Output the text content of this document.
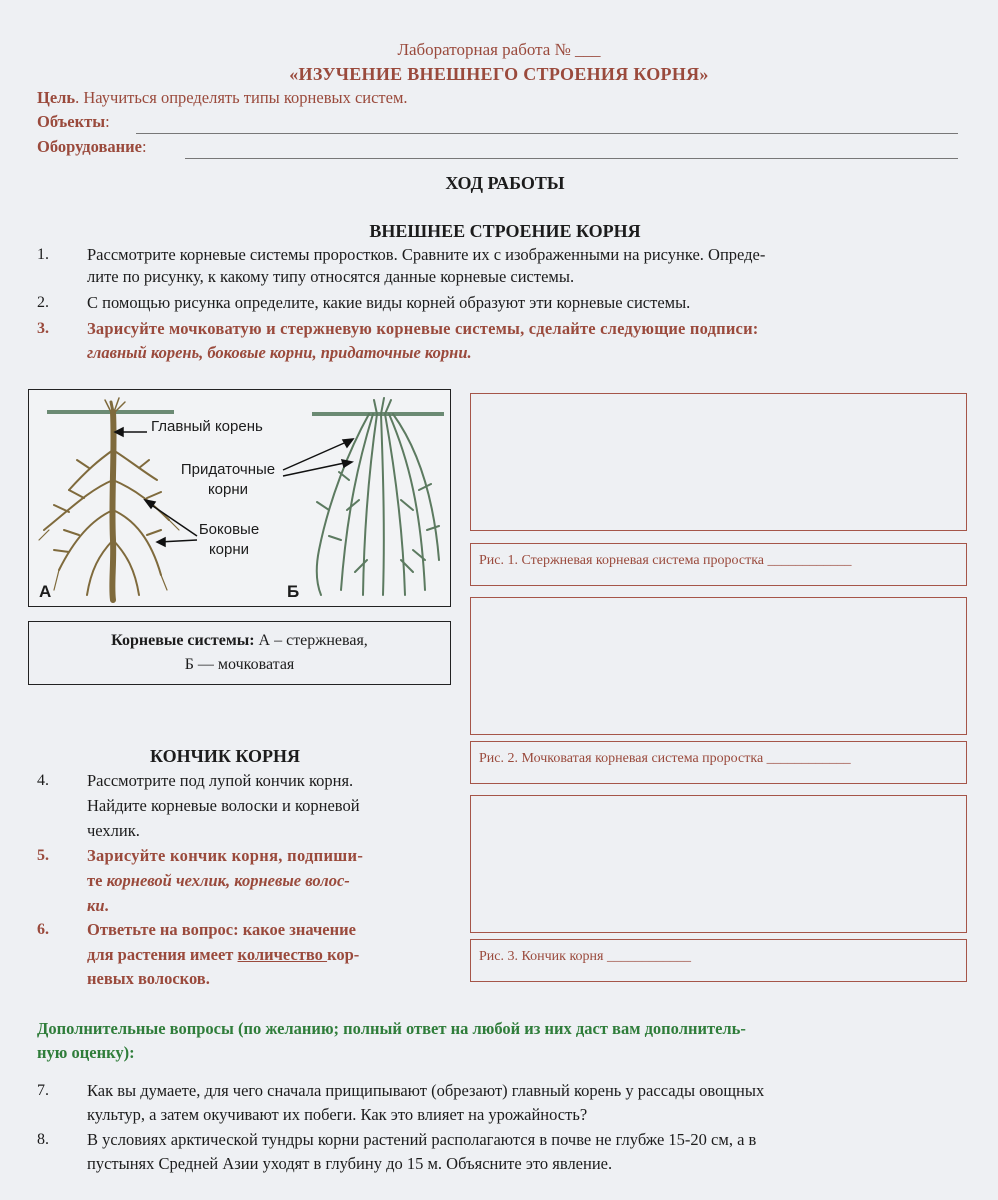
Лабораторная работа № ___
«ИЗУЧЕНИЕ ВНЕШНЕГО СТРОЕНИЯ КОРНЯ»
Цель. Научиться определять типы корневых систем.
Объекты:
Оборудование:
ХОД РАБОТЫ
ВНЕШНЕЕ СТРОЕНИЕ КОРНЯ
1. Рассмотрите корневые системы проростков. Сравните их с изображенными на рисунке. Опреде-
лите по рисунку, к какому типу относятся данные корневые системы.
2. С помощью рисунка определите, какие виды корней образуют эти корневые системы.
3. Зарисуйте мочковатую и стержневую корневые системы, сделайте следующие подписи:
главный корень, боковые корни, придаточные корни.
Главный корень
Придаточные
корни
Боковые
корни
А	Б
Корневые системы: А – стержневая,
Б — мочковатая
Рис. 1. Стержневая корневая система проростка ____________
Рис. 2. Мочковатая корневая система проростка ____________
Рис. 3. Кончик корня ____________
КОНЧИК КОРНЯ
4. Рассмотрите под лупой кончик корня.
Найдите корневые волоски и корневой
чехлик.
5. Зарисуйте кончик корня, подпиши-
те корневой чехлик, корневые волос-
ки.
6. Ответьте на вопрос: какое значение
для растения имеет количество кор-
невых волосков.
Дополнительные вопросы (по желанию; полный ответ на любой из них даст вам дополнитель-
ную оценку):
7. Как вы думаете, для чего сначала прищипывают (обрезают) главный корень у рассады овощных
культур, а затем окучивают их побеги. Как это влияет на урожайность?
8. В условиях арктической тундры корни растений располагаются в почве не глубже 15-20 см, а в
пустынях Средней Азии уходят в глубину до 15 м. Объясните это явление.
